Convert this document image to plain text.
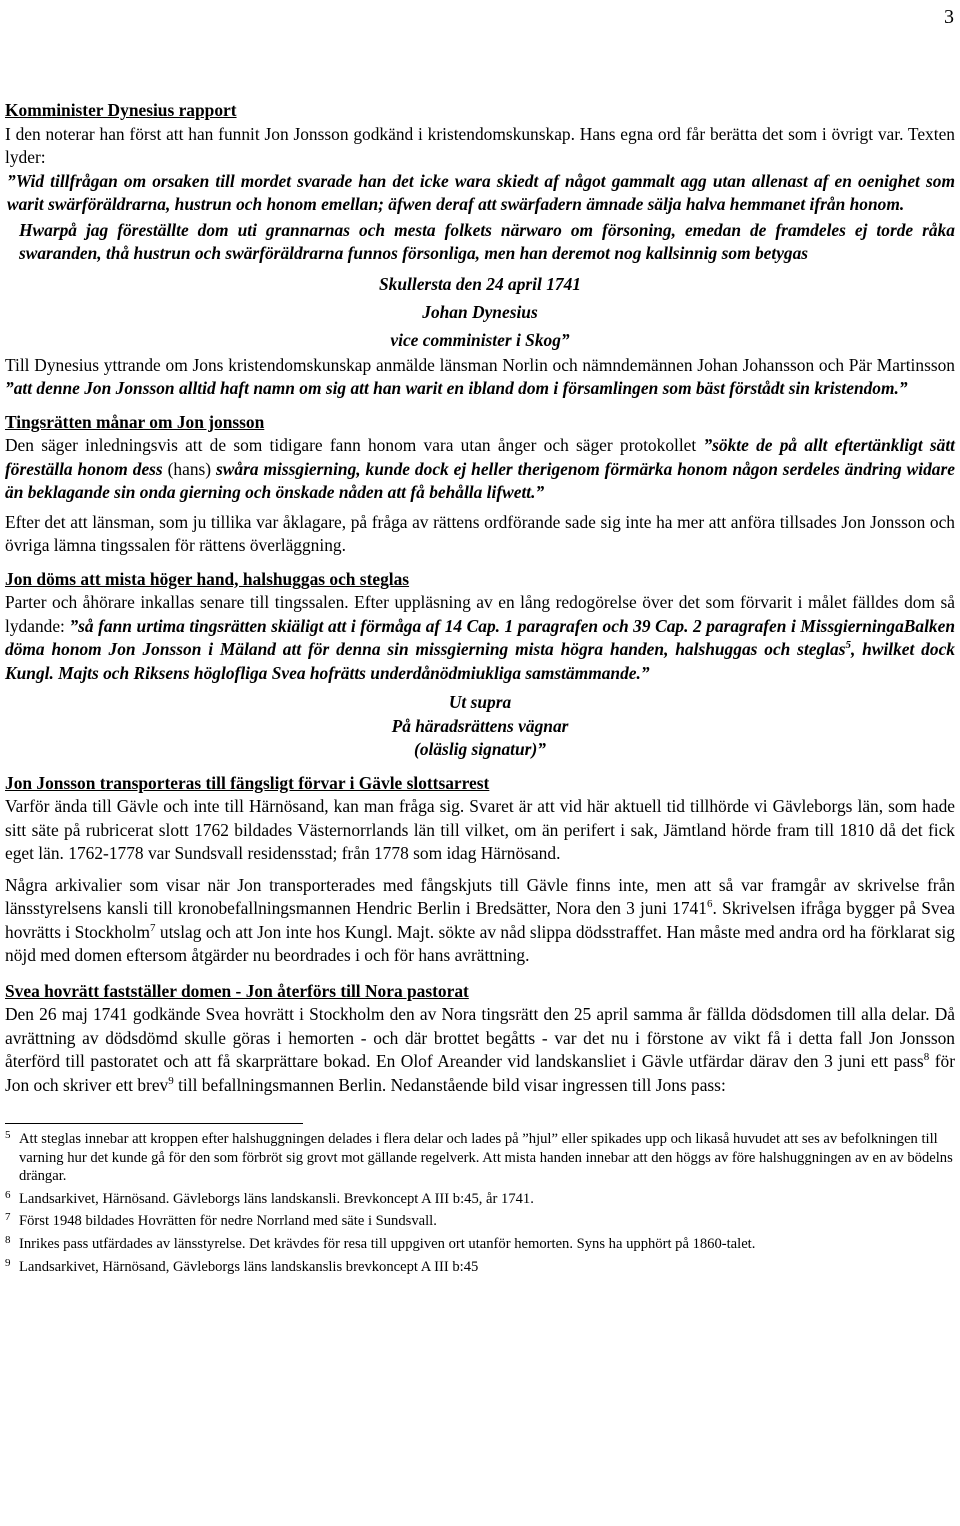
3
Komminister Dynesius rapport

I den noterar han först att han funnit Jon Jonsson godkänd i kristendomskunskap. Hans egna ord får berätta det som i övrigt var. Texten lyder:

”Wid tillfrågan om orsaken till mordet svarade han det icke wara skiedt af något gammalt agg utan allenast af en oenighet som warit swärföräldrarna, hustrun och honom emellan; äfwen deraf att swärfadern ämnade sälja halva hemmanet ifrån honom.

Hwarpå jag föreställte dom uti grannarnas och mesta folkets närwaro om försoning, emedan de framdeles ej torde råka swaranden, thå hustrun och swärföräldrarna funnos försonliga, men han deremot nog kallsinnig som betygas

Skullersta den 24 april 1741

Johan Dynesius

vice comminister i Skog”

Till Dynesius yttrande om Jons kristendomskunskap anmälde länsman Norlin och nämndemännen Johan Johansson och Pär Martinsson ”att denne Jon Jonsson alltid haft namn om sig att han warit en ibland dom i församlingen som bäst förstådt sin kristendom.”

Tingsrätten månar om Jon jonsson

Den säger inledningsvis att de som tidigare fann honom vara utan ånger och säger protokollet ”sökte de på allt eftertänkligt sätt föreställa honom dess (hans) swåra missgierning, kunde dock ej heller therigenom förmärka honom någon serdeles ändring widare än beklagande sin onda gierning och önskade nåden att få behålla lifwett.”

Efter det att länsman, som ju tillika var åklagare, på fråga av rättens ordförande sade sig inte ha mer att anföra tillsades Jon Jonsson och övriga lämna tingssalen för rättens överläggning.

Jon döms att mista höger hand, halshuggas och steglas

Parter och åhörare inkallas senare till tingssalen. Efter uppläsning av en lång redogörelse över det som förvarit i målet fälldes dom så lydande: ”så fann urtima tingsrätten skiäligt att i förmåga af 14 Cap. 1 paragrafen och 39 Cap. 2 paragrafen i MissgierningaBalken döma honom Jon Jonsson i Mäland att för denna sin missgierning mista högra handen, halshuggas och steglas$^5$, hwilket dock Kungl. Majts och Riksens höglofliga Svea hofrätts underdånödmiukliga samstämmande.”

Ut supra

På häradsrättens vägnar

(oläslig signatur)”

Jon Jonsson transporteras till fängsligt förvar i Gävle slottsarrest

Varför ända till Gävle och inte till Härnösand, kan man fråga sig. Svaret är att vid här aktuell tid tillhörde vi Gävleborgs län, som hade sitt säte på rubricerat slott 1762 bildades Västernorrlands län till vilket, om än perifert i sak, Jämtland hörde fram till 1810 då det fick eget län. 1762-1778 var Sundsvall residensstad; från 1778 som idag Härnösand.

Några arkivalier som visar när Jon transporterades med fångskjuts till Gävle finns inte, men att så var framgår av skrivelse från länsstyrelsens kansli till kronobefallningsmannen Hendric Berlin i Bredsätter, Nora den 3 juni 1741$^6$. Skrivelsen ifråga bygger på Svea hovrätts i Stockholm$^7$ utslag och att Jon inte hos Kungl. Majt. sökte av nåd slippa dödsstraffet. Han måste med andra ord ha förklarat sig nöjd med domen eftersom åtgärder nu beordrades i och för hans avrättning.

Svea hovrätt fastställer domen - Jon återförs till Nora pastorat

Den 26 maj 1741 godkände Svea hovrätt i Stockholm den av Nora tingsrätt den 25 april samma år fällda dödsdomen till alla delar. Då avrättning av dödsdömd skulle göras i hemorten - och där brottet begåtts - var det nu i förstone av vikt få i detta fall Jon Jonsson återförd till pastoratet och att få skarprättare bokad. En Olof Areander vid landskansliet i Gävle utfärdar därav den 3 juni ett pass$^8$ för Jon och skriver ett brev$^9$ till befallningsmannen Berlin. Nedanstående bild visar ingressen till Jons pass:

5 Att steglas innebar att kroppen efter halshuggningen delades i flera delar och lades på ”hjul” eller spikades upp och likaså huvudet att ses av befolkningen till varning hur det kunde gå för den som förbröt sig grovt mot gällande regelverk. Att mista handen innebar att den höggs av före halshuggningen av en av bödelns drängar.

6 Landsarkivet, Härnösand. Gävleborgs läns landskansli. Brevkoncept A III b:45, år 1741.

7 Först 1948 bildades Hovrätten för nedre Norrland med säte i Sundsvall.

8 Inrikes pass utfärdades av länsstyrelse. Det krävdes för resa till uppgiven ort utanför hemorten. Syns ha upphört på 1860-talet.

9 Landsarkivet, Härnösand, Gävleborgs läns landskanslis brevkoncept A III b:45
